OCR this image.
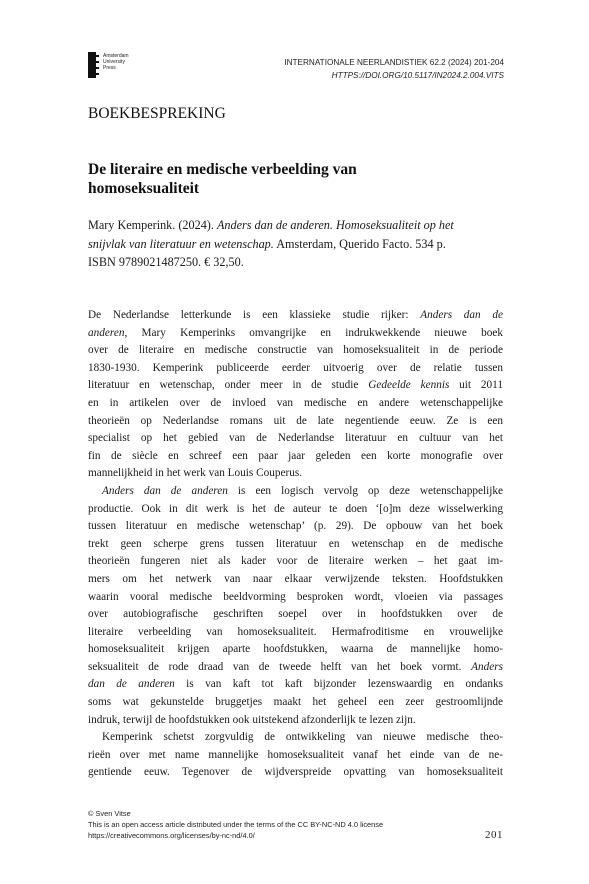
Amsterdam
University
Press
INTERNATIONALE NEERLANDISTIEK 62.2 (2024) 201-204
HTTPS://DOI.ORG/10.5117/IN2024.2.004.VITS
BOEKBESPREKING
De literaire en medische verbeelding van
homoseksualiteit
Mary Kemperink. (2024). Anders dan de anderen. Homoseksualiteit op het
snijvlak van literatuur en wetenschap. Amsterdam, Querido Facto. 534 p.
ISBN 9789021487250. € 32,50.
De Nederlandse letterkunde is een klassieke studie rijker: Anders dan de
anderen, Mary Kemperinks omvangrijke en indrukwekkende nieuwe boek
over de literaire en medische constructie van homoseksualiteit in de periode
1830-1930. Kemperink publiceerde eerder uitvoerig over de relatie tussen
literatuur en wetenschap, onder meer in de studie Gedeelde kennis uit 2011
en in artikelen over de invloed van medische en andere wetenschappelijke
theorieën op Nederlandse romans uit de late negentiende eeuw. Ze is een
specialist op het gebied van de Nederlandse literatuur en cultuur van het
fin de siècle en schreef een paar jaar geleden een korte monografie over
mannelijkheid in het werk van Louis Couperus.
Anders dan de anderen is een logisch vervolg op deze wetenschappelijke
productie. Ook in dit werk is het de auteur te doen ‘[o]m deze wisselwerking
tussen literatuur en medische wetenschap’ (p. 29). De opbouw van het boek
trekt geen scherpe grens tussen literatuur en wetenschap en de medische
theorieën fungeren niet als kader voor de literaire werken – het gaat im-
mers om het netwerk van naar elkaar verwijzende teksten. Hoofdstukken
waarin vooral medische beeldvorming besproken wordt, vloeien via passages
over autobiografische geschriften soepel over in hoofdstukken over de
literaire verbeelding van homoseksualiteit. Hermafroditisme en vrouwelijke
homoseksualiteit krijgen aparte hoofdstukken, waarna de mannelijke homo-
seksualiteit de rode draad van de tweede helft van het boek vormt. Anders
dan de anderen is van kaft tot kaft bijzonder lezenswaardig en ondanks
soms wat gekunstelde bruggetjes maakt het geheel een zeer gestroomlijnde
indruk, terwijl de hoofdstukken ook uitstekend afzonderlijk te lezen zijn.
Kemperink schetst zorgvuldig de ontwikkeling van nieuwe medische theo-
rieën over met name mannelijke homoseksualiteit vanaf het einde van de ne-
gentiende eeuw. Tegenover de wijdverspreide opvatting van homoseksualiteit
© Sven Vitse
This is an open access article distributed under the terms of the CC BY-NC-ND 4.0 license
https://creativecommons.org/licenses/by-nc-nd/4.0/	201
